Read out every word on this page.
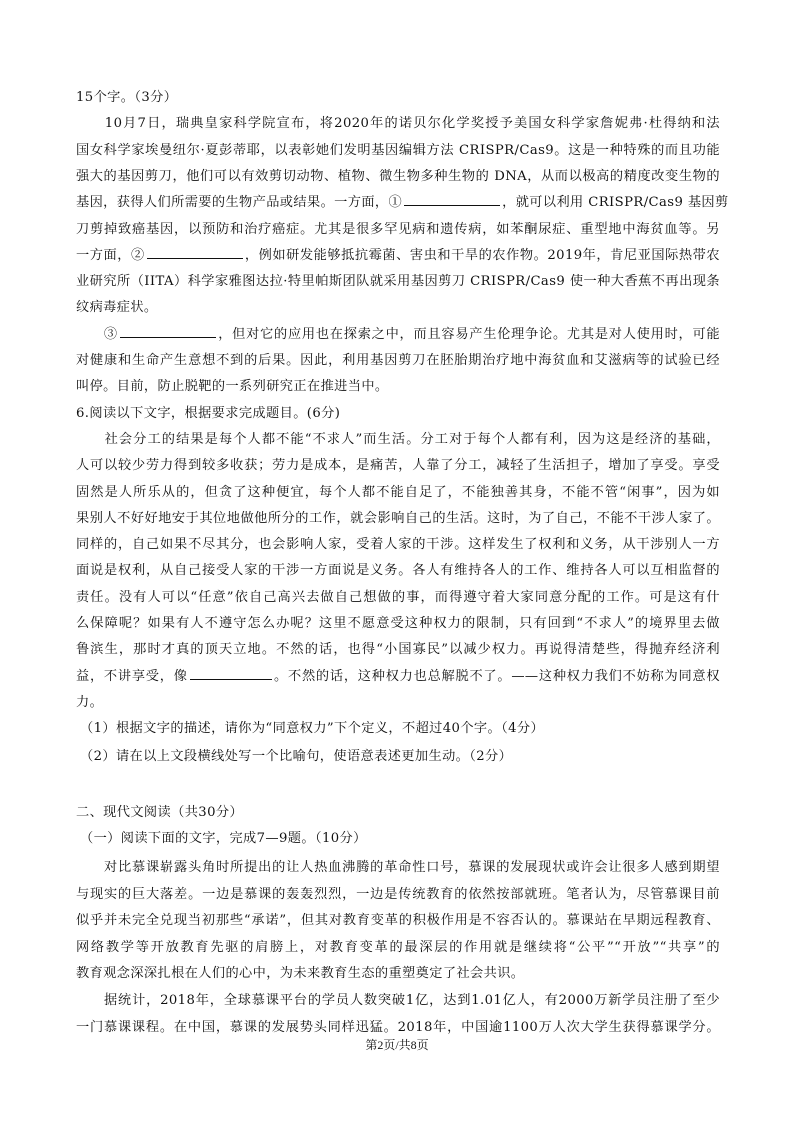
15个字。（3分）
　　10月7日，瑞典皇家科学院宣布，将2020年的诺贝尔化学奖授予美国女科学家詹妮弗·杜得纳和法
国女科学家埃曼纽尔·夏彭蒂耶，以表彰她们发明基因编辑方法 CRISPR/Cas9。这是一种特殊的而且功能
强大的基因剪刀，他们可以有效剪切动物、植物、微生物多种生物的 DNA，从而以极高的精度改变生物的
基因，获得人们所需要的生物产品或结果。一方面，①	，就可以利用 CRISPR/Cas9 基因剪
刀剪掉致癌基因，以预防和治疗癌症。尤其是很多罕见病和遗传病，如苯酮尿症、重型地中海贫血等。另
一方面，②	，例如研发能够抵抗霉菌、害虫和干旱的农作物。2019年，肯尼亚国际热带农
业研究所（IITA）科学家雅图达拉·特里帕斯团队就采用基因剪刀 CRISPR/Cas9 使一种大香蕉不再出现条
纹病毒症状。
　　③	，但对它的应用也在探索之中，而且容易产生伦理争论。尤其是对人使用时，可能
对健康和生命产生意想不到的后果。因此，利用基因剪刀在胚胎期治疗地中海贫血和艾滋病等的试验已经
叫停。目前，防止脱靶的一系列研究正在推进当中。
6.阅读以下文字，根据要求完成题目。(6分)
　　社会分工的结果是每个人都不能“不求人”而生活。分工对于每个人都有利，因为这是经济的基础，
人可以较少劳力得到较多收获；劳力是成本，是痛苦，人靠了分工，减轻了生活担子，增加了享受。享受
固然是人所乐从的，但贪了这种便宜，每个人都不能自足了，不能独善其身，不能不管“闲事”，因为如
果别人不好好地安于其位地做他所分的工作，就会影响自己的生活。这时，为了自己，不能不干涉人家了。
同样的，自己如果不尽其分，也会影响人家，受着人家的干涉。这样发生了权利和义务，从干涉别人一方
面说是权利，从自己接受人家的干涉一方面说是义务。各人有维持各人的工作、维持各人可以互相监督的
责任。没有人可以“任意”依自己高兴去做自己想做的事，而得遵守着大家同意分配的工作。可是这有什
么保障呢？如果有人不遵守怎么办呢？这里不愿意受这种权力的限制，只有回到“不求人”的境界里去做
鲁滨生，那时才真的顶天立地。不然的话，也得“小国寡民”以减少权力。再说得清楚些，得抛弃经济利
益，不讲享受，像	。不然的话，这种权力也总解脱不了。——这种权力我们不妨称为同意权
力。
（1）根据文字的描述，请你为“同意权力”下个定义，不超过40个字。（4分）
（2）请在以上文段横线处写一个比喻句，使语意表述更加生动。（2分）
二、现代文阅读（共30分）
（一）阅读下面的文字，完成7—9题。（10分）
　　对比慕课崭露头角时所提出的让人热血沸腾的革命性口号，慕课的发展现状或许会让很多人感到期望
与现实的巨大落差。一边是慕课的轰轰烈烈，一边是传统教育的依然按部就班。笔者认为，尽管慕课目前
似乎并未完全兑现当初那些“承诺”，但其对教育变革的积极作用是不容否认的。慕课站在早期远程教育、
网络教学等开放教育先驱的肩膀上，对教育变革的最深层的作用就是继续将“公平”“开放”“共享”的
教育观念深深扎根在人们的心中，为未来教育生态的重塑奠定了社会共识。
　　据统计，2018年，全球慕课平台的学员人数突破1亿，达到1.01亿人，有2000万新学员注册了至少
一门慕课课程。在中国，慕课的发展势头同样迅猛。2018年，中国逾1100万人次大学生获得慕课学分。
第2页/共8页
